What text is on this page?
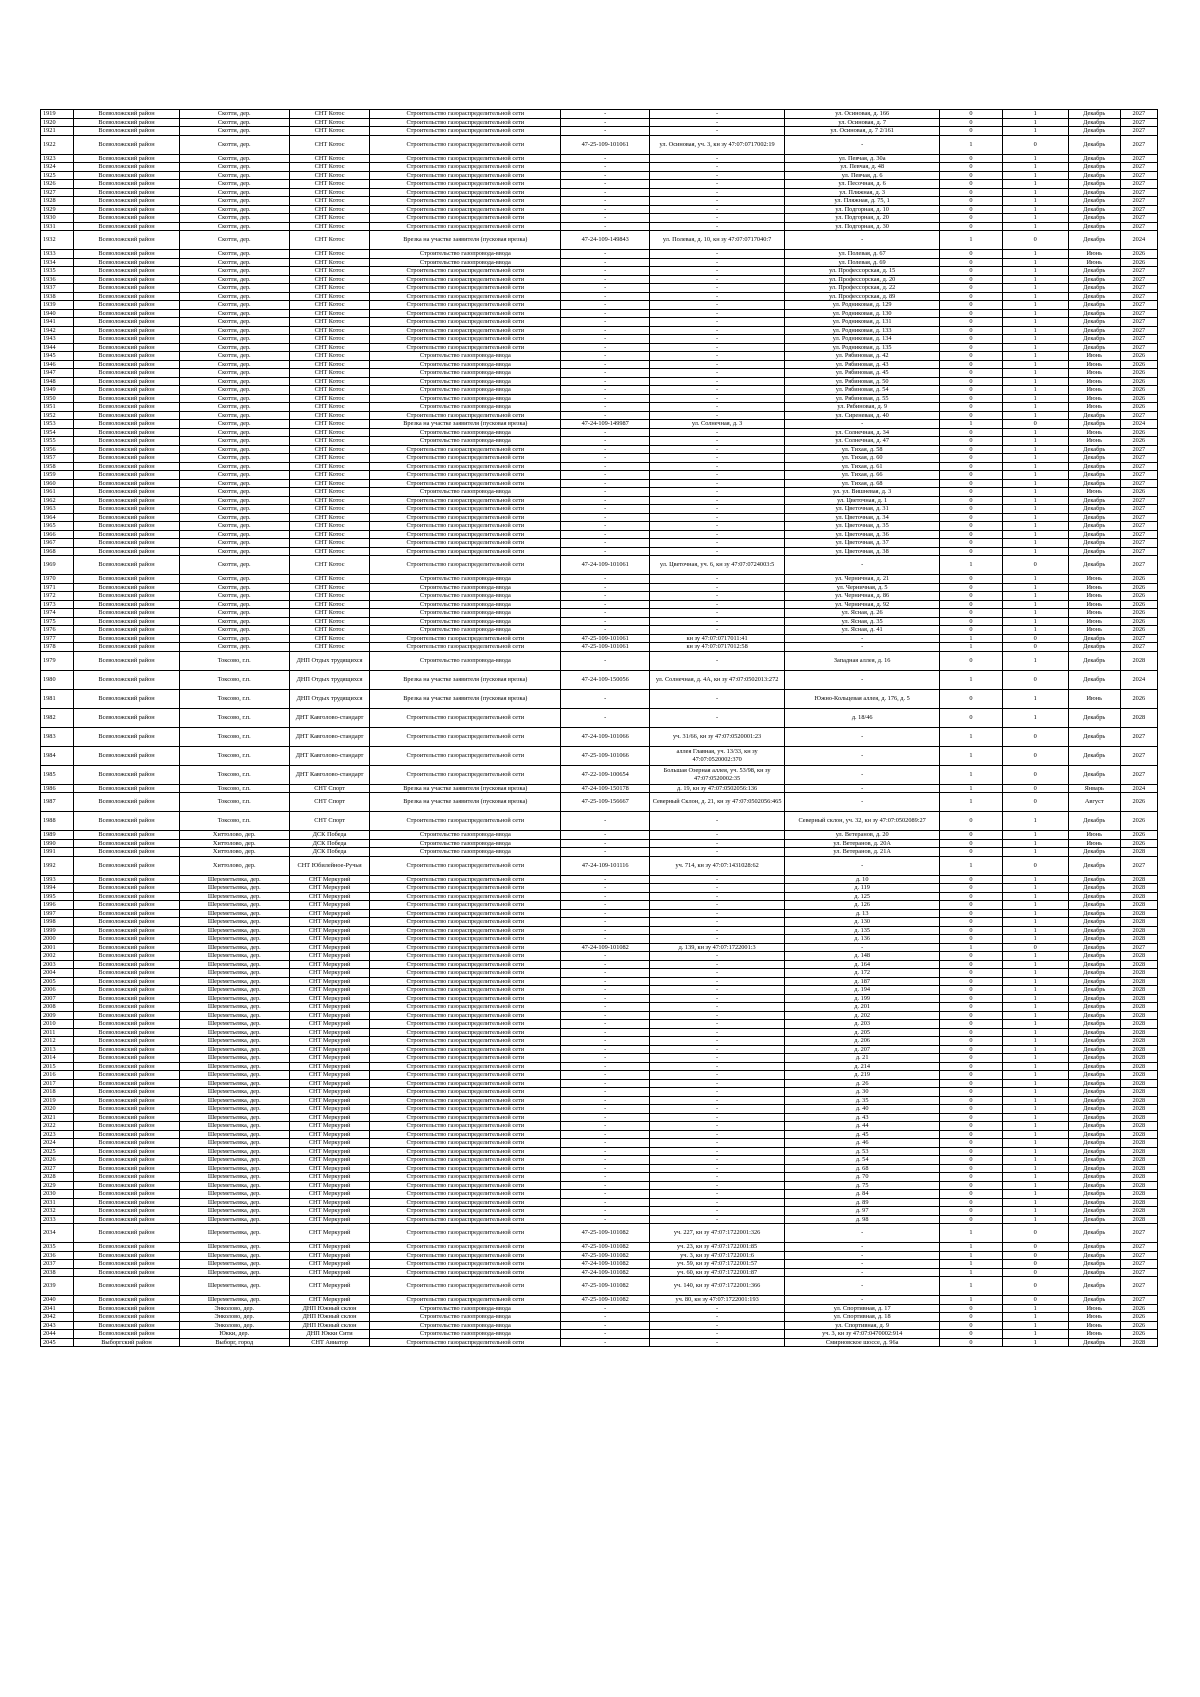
1919	Всеволожский район	Скотти, дер.	СНТ Котос	Строительство газораспределительной сети	-	-	ул. Осиновая, д. 166	0	1	Декабрь	2027
1920	Всеволожский район	Скотти, дер.	СНТ Котос	Строительство газораспределительной сети	-	-	ул. Осиновая, д. 7	0	1	Декабрь	2027
1921	Всеволожский район	Скотти, дер.	СНТ Котос	Строительство газораспределительной сети	-	-	ул. Осиновая, д. 7 2/161	0	1	Декабрь	2027
1922	Всеволожский район	Скотти, дер.	СНТ Котос	Строительство газораспределительной сети	47-25-109-101061	ул. Осиновая, уч. 3, кн зу 47:07:0717002:19	-	1	0	Декабрь	2027
1923	Всеволожский район	Скотти, дер.	СНТ Котос	Строительство газораспределительной сети	-	-	ул. Певчая, д. 30а	0	1	Декабрь	2027
1924	Всеволожский район	Скотти, дер.	СНТ Котос	Строительство газораспределительной сети	-	-	ул. Певчая, д. 48	0	1	Декабрь	2027
1925	Всеволожский район	Скотти, дер.	СНТ Котос	Строительство газораспределительной сети	-	-	ул. Певчая, д. 6	0	1	Декабрь	2027
1926	Всеволожский район	Скотти, дер.	СНТ Котос	Строительство газораспределительной сети	-	-	ул. Песочная, д. 6	0	1	Декабрь	2027
1927	Всеволожский район	Скотти, дер.	СНТ Котос	Строительство газораспределительной сети	-	-	ул. Пляжная, д. 3	0	1	Декабрь	2027
1928	Всеволожский район	Скотти, дер.	СНТ Котос	Строительство газораспределительной сети	-	-	ул. Пляжная, д. 75, 1	0	1	Декабрь	2027
1929	Всеволожский район	Скотти, дер.	СНТ Котос	Строительство газораспределительной сети	-	-	ул. Подгорная, д. 10	0	1	Декабрь	2027
1930	Всеволожский район	Скотти, дер.	СНТ Котос	Строительство газораспределительной сети	-	-	ул. Подгорная, д. 20	0	1	Декабрь	2027
1931	Всеволожский район	Скотти, дер.	СНТ Котос	Строительство газораспределительной сети	-	-	ул. Подгорная, д. 30	0	1	Декабрь	2027
1932	Всеволожский район	Скотти, дер.	СНТ Котос	Врезка на участке заявителя (пусковая врезка)	47-24-109-149843	ул. Полевая, д. 10, кн зу 47:07:0717040:7	-	1	0	Декабрь	2024
1933	Всеволожский район	Скотти, дер.	СНТ Котос	Строительство газопровода-ввода	-	-	ул. Полевая, д. 67	0	1	Июнь	2026
1934	Всеволожский район	Скотти, дер.	СНТ Котос	Строительство газопровода-ввода	-	-	ул. Полевая, д. 69	0	1	Июнь	2026
1935	Всеволожский район	Скотти, дер.	СНТ Котос	Строительство газораспределительной сети	-	-	ул. Профессорская, д. 15	0	1	Декабрь	2027
1936	Всеволожский район	Скотти, дер.	СНТ Котос	Строительство газораспределительной сети	-	-	ул. Профессорская, д. 20	0	1	Декабрь	2027
1937	Всеволожский район	Скотти, дер.	СНТ Котос	Строительство газораспределительной сети	-	-	ул. Профессорская, д. 22	0	1	Декабрь	2027
1938	Всеволожский район	Скотти, дер.	СНТ Котос	Строительство газораспределительной сети	-	-	ул. Профессорская, д. 89	0	1	Декабрь	2027
1939	Всеволожский район	Скотти, дер.	СНТ Котос	Строительство газораспределительной сети	-	-	ул. Родниковая, д. 129	0	1	Декабрь	2027
1940	Всеволожский район	Скотти, дер.	СНТ Котос	Строительство газораспределительной сети	-	-	ул. Родниковая, д. 130	0	1	Декабрь	2027
1941	Всеволожский район	Скотти, дер.	СНТ Котос	Строительство газораспределительной сети	-	-	ул. Родниковая, д. 131	0	1	Декабрь	2027
1942	Всеволожский район	Скотти, дер.	СНТ Котос	Строительство газораспределительной сети	-	-	ул. Родниковая, д. 133	0	1	Декабрь	2027
1943	Всеволожский район	Скотти, дер.	СНТ Котос	Строительство газораспределительной сети	-	-	ул. Родниковая, д. 134	0	1	Декабрь	2027
1944	Всеволожский район	Скотти, дер.	СНТ Котос	Строительство газораспределительной сети	-	-	ул. Родниковая, д. 135	0	1	Декабрь	2027
1945	Всеволожский район	Скотти, дер.	СНТ Котос	Строительство газопровода-ввода	-	-	ул. Рябиновая, д. 42	0	1	Июнь	2026
1946	Всеволожский район	Скотти, дер.	СНТ Котос	Строительство газопровода-ввода	-	-	ул. Рябиновая, д. 43	0	1	Июнь	2026
1947	Всеволожский район	Скотти, дер.	СНТ Котос	Строительство газопровода-ввода	-	-	ул. Рябиновая, д. 45	0	1	Июнь	2026
1948	Всеволожский район	Скотти, дер.	СНТ Котос	Строительство газопровода-ввода	-	-	ул. Рябиновая, д. 50	0	1	Июнь	2026
1949	Всеволожский район	Скотти, дер.	СНТ Котос	Строительство газопровода-ввода	-	-	ул. Рябиновая, д. 54	0	1	Июнь	2026
1950	Всеволожский район	Скотти, дер.	СНТ Котос	Строительство газопровода-ввода	-	-	ул. Рябиновая, д. 55	0	1	Июнь	2026
1951	Всеволожский район	Скотти, дер.	СНТ Котос	Строительство газопровода-ввода	-	-	ул. Рябиновая, д. 9	0	1	Июнь	2026
1952	Всеволожский район	Скотти, дер.	СНТ Котос	Строительство газораспределительной сети	-	-	ул. Сиреневая, д. 40	0	1	Декабрь	2027
1953	Всеволожский район	Скотти, дер.	СНТ Котос	Врезка на участке заявителя (пусковая врезка)	47-24-109-149987	ул. Солнечная, д. 3	-	1	0	Декабрь	2024
1954	Всеволожский район	Скотти, дер.	СНТ Котос	Строительство газопровода-ввода	-	-	ул. Солнечная, д. 34	0	1	Июнь	2026
1955	Всеволожский район	Скотти, дер.	СНТ Котос	Строительство газопровода-ввода	-	-	ул. Солнечная, д. 47	0	1	Июнь	2026
1956	Всеволожский район	Скотти, дер.	СНТ Котос	Строительство газораспределительной сети	-	-	ул. Тихая, д. 58	0	1	Декабрь	2027
1957	Всеволожский район	Скотти, дер.	СНТ Котос	Строительство газораспределительной сети	-	-	ул. Тихая, д. 60	0	1	Декабрь	2027
1958	Всеволожский район	Скотти, дер.	СНТ Котос	Строительство газораспределительной сети	-	-	ул. Тихая, д. 61	0	1	Декабрь	2027
1959	Всеволожский район	Скотти, дер.	СНТ Котос	Строительство газораспределительной сети	-	-	ул. Тихая, д. 66	0	1	Декабрь	2027
1960	Всеволожский район	Скотти, дер.	СНТ Котос	Строительство газораспределительной сети	-	-	ул. Тихая, д. 68	0	1	Декабрь	2027
1961	Всеволожский район	Скотти, дер.	СНТ Котос	Строительство газопровода-ввода	-	-	ул. ул. Вишневая, д. 3	0	1	Июнь	2026
1962	Всеволожский район	Скотти, дер.	СНТ Котос	Строительство газораспределительной сети	-	-	ул. Цветочная, д. 1	0	1	Декабрь	2027
1963	Всеволожский район	Скотти, дер.	СНТ Котос	Строительство газораспределительной сети	-	-	ул. Цветочная, д. 31	0	1	Декабрь	2027
1964	Всеволожский район	Скотти, дер.	СНТ Котос	Строительство газораспределительной сети	-	-	ул. Цветочная, д. 34	0	1	Декабрь	2027
1965	Всеволожский район	Скотти, дер.	СНТ Котос	Строительство газораспределительной сети	-	-	ул. Цветочная, д. 35	0	1	Декабрь	2027
1966	Всеволожский район	Скотти, дер.	СНТ Котос	Строительство газораспределительной сети	-	-	ул. Цветочная, д. 36	0	1	Декабрь	2027
1967	Всеволожский район	Скотти, дер.	СНТ Котос	Строительство газораспределительной сети	-	-	ул. Цветочная, д. 37	0	1	Декабрь	2027
1968	Всеволожский район	Скотти, дер.	СНТ Котос	Строительство газораспределительной сети	-	-	ул. Цветочная, д. 38	0	1	Декабрь	2027
1969	Всеволожский район	Скотти, дер.	СНТ Котос	Строительство газораспределительной сети	47-24-109-101061	ул. Цветочная, уч. 6, кн зу 47:07:0724003:5	-	1	0	Декабрь	2027
1970	Всеволожский район	Скотти, дер.	СНТ Котос	Строительство газопровода-ввода	-	-	ул. Черничная, д. 21	0	1	Июнь	2026
1971	Всеволожский район	Скотти, дер.	СНТ Котос	Строительство газопровода-ввода	-	-	ул. Черничная, д. 5	0	1	Июнь	2026
1972	Всеволожский район	Скотти, дер.	СНТ Котос	Строительство газопровода-ввода	-	-	ул. Черничная, д. 86	0	1	Июнь	2026
1973	Всеволожский район	Скотти, дер.	СНТ Котос	Строительство газопровода-ввода	-	-	ул. Черничная, д. 92	0	1	Июнь	2026
1974	Всеволожский район	Скотти, дер.	СНТ Котос	Строительство газопровода-ввода	-	-	ул. Ясная, д. 26	0	1	Июнь	2026
1975	Всеволожский район	Скотти, дер.	СНТ Котос	Строительство газопровода-ввода	-	-	ул. Ясная, д. 35	0	1	Июнь	2026
1976	Всеволожский район	Скотти, дер.	СНТ Котос	Строительство газопровода-ввода	-	-	ул. Ясная, д. 41	0	1	Июнь	2026
1977	Всеволожский район	Скотти, дер.	СНТ Котос	Строительство газораспределительной сети	47-25-109-101061	кн зу 47:07:0717011:41	-	1	0	Декабрь	2027
1978	Всеволожский район	Скотти, дер.	СНТ Котос	Строительство газораспределительной сети	47-25-109-101061	кн зу 47:07:0717012:58	-	1	0	Декабрь	2027
1979	Всеволожский район	Токсово, г.п.	ДНП Отдых трудящихся	Строительство газопровода-ввода	-	-	Западная аллея, д. 16	0	1	Декабрь	2028
1980	Всеволожский район	Токсово, г.п.	ДНП Отдых трудящихся	Врезка на участке заявителя (пусковая врезка)	47-24-109-150056	ул. Солнечная, д. 4А, кн зу 47:07:0502013:272	-	1	0	Декабрь	2024
1981	Всеволожский район	Токсово, г.п.	ДНП Отдых трудящихся	Врезка на участке заявителя (пусковая врезка)	-	-	Южно-Кольцевая аллея, д. 176, д. 5	0	1	Июнь	2026
1982	Всеволожский район	Токсово, г.п.	ДНТ Кавголово-стандарт	Строительство газораспределительной сети	-	-	д. 18/46	0	1	Декабрь	2028
1983	Всеволожский район	Токсово, г.п.	ДНТ Кавголово-стандарт	Строительство газораспределительной сети	47-24-109-101066	уч. 31/66, кн зу 47:07:0520001:23	-	1	0	Декабрь	2027
1984	Всеволожский район	Токсово, г.п.	ДНТ Кавголово-стандарт	Строительство газораспределительной сети	47-25-109-101066	аллея Главная, уч. 13/33, кн зу 47:07:0520002:370	-	1	0	Декабрь	2027
1985	Всеволожский район	Токсово, г.п.	ДНТ Кавголово-стандарт	Строительство газораспределительной сети	47-22-109-100654	Большая Озерная аллея, уч. 53/98, кн зу 47:07:0520002:35	-	1	0	Декабрь	2027
1986	Всеволожский район	Токсово, г.п.	СНТ Спорт	Врезка на участке заявителя (пусковая врезка)	47-24-109-150178	д. 19, кн зу 47:07:0502056:136	-	1	0	Январь	2024
1987	Всеволожский район	Токсово, г.п.	СНТ Спорт	Врезка на участке заявителя (пусковая врезка)	47-25-109-156667	Северный Склон, д. 21, кн зу 47:07:0502056:465	-	1	0	Август	2026
1988	Всеволожский район	Токсово, г.п.	СНТ Спорт	Строительство газораспределительной сети	-	-	Северный склон, уч. 32, кн зу 47:07:0502089:27	0	1	Декабрь	2026
1989	Всеволожский район	Хиттолово, дер.	ДСК Победа	Строительство газопровода-ввода	-	-	ул. Ветеранов, д. 20	0	1	Июнь	2026
1990	Всеволожский район	Хиттолово, дер.	ДСК Победа	Строительство газопровода-ввода	-	-	ул. Ветеранов, д. 20А	0	1	Июнь	2026
1991	Всеволожский район	Хиттолово, дер.	ДСК Победа	Строительство газопровода-ввода	-	-	ул. Ветеранов, д. 21А	0	1	Декабрь	2028
1992	Всеволожский район	Хиттолово, дер.	СНТ Юбилейное-Ручьи	Строительство газораспределительной сети	47-24-109-101116	уч. 714, кн зу 47:07:1431028:62	-	1	0	Декабрь	2027
1993	Всеволожский район	Шереметьевка, дер.	СНТ Меркурий	Строительство газораспределительной сети	-	-	д. 10	0	1	Декабрь	2028
1994	Всеволожский район	Шереметьевка, дер.	СНТ Меркурий	Строительство газораспределительной сети	-	-	д. 119	0	1	Декабрь	2028
1995	Всеволожский район	Шереметьевка, дер.	СНТ Меркурий	Строительство газораспределительной сети	-	-	д. 125	0	1	Декабрь	2028
1996	Всеволожский район	Шереметьевка, дер.	СНТ Меркурий	Строительство газораспределительной сети	-	-	д. 126	0	1	Декабрь	2028
1997	Всеволожский район	Шереметьевка, дер.	СНТ Меркурий	Строительство газораспределительной сети	-	-	д. 13	0	1	Декабрь	2028
1998	Всеволожский район	Шереметьевка, дер.	СНТ Меркурий	Строительство газораспределительной сети	-	-	д. 130	0	1	Декабрь	2028
1999	Всеволожский район	Шереметьевка, дер.	СНТ Меркурий	Строительство газораспределительной сети	-	-	д. 135	0	1	Декабрь	2028
2000	Всеволожский район	Шереметьевка, дер.	СНТ Меркурий	Строительство газораспределительной сети	-	-	д. 136	0	1	Декабрь	2028
2001	Всеволожский район	Шереметьевка, дер.	СНТ Меркурий	Строительство газораспределительной сети	47-24-109-101082	д. 139, кн зу 47:07:1722001:3	-	1	0	Декабрь	2027
2002	Всеволожский район	Шереметьевка, дер.	СНТ Меркурий	Строительство газораспределительной сети	-	-	д. 148	0	1	Декабрь	2028
2003	Всеволожский район	Шереметьевка, дер.	СНТ Меркурий	Строительство газораспределительной сети	-	-	д. 164	0	1	Декабрь	2028
2004	Всеволожский район	Шереметьевка, дер.	СНТ Меркурий	Строительство газораспределительной сети	-	-	д. 172	0	1	Декабрь	2028
2005	Всеволожский район	Шереметьевка, дер.	СНТ Меркурий	Строительство газораспределительной сети	-	-	д. 187	0	1	Декабрь	2028
2006	Всеволожский район	Шереметьевка, дер.	СНТ Меркурий	Строительство газораспределительной сети	-	-	д. 194	0	1	Декабрь	2028
2007	Всеволожский район	Шереметьевка, дер.	СНТ Меркурий	Строительство газораспределительной сети	-	-	д. 199	0	1	Декабрь	2028
2008	Всеволожский район	Шереметьевка, дер.	СНТ Меркурий	Строительство газораспределительной сети	-	-	д. 201	0	1	Декабрь	2028
2009	Всеволожский район	Шереметьевка, дер.	СНТ Меркурий	Строительство газораспределительной сети	-	-	д. 202	0	1	Декабрь	2028
2010	Всеволожский район	Шереметьевка, дер.	СНТ Меркурий	Строительство газораспределительной сети	-	-	д. 203	0	1	Декабрь	2028
2011	Всеволожский район	Шереметьевка, дер.	СНТ Меркурий	Строительство газораспределительной сети	-	-	д. 205	0	1	Декабрь	2028
2012	Всеволожский район	Шереметьевка, дер.	СНТ Меркурий	Строительство газораспределительной сети	-	-	д. 206	0	1	Декабрь	2028
2013	Всеволожский район	Шереметьевка, дер.	СНТ Меркурий	Строительство газораспределительной сети	-	-	д. 207	0	1	Декабрь	2028
2014	Всеволожский район	Шереметьевка, дер.	СНТ Меркурий	Строительство газораспределительной сети	-	-	д. 21	0	1	Декабрь	2028
2015	Всеволожский район	Шереметьевка, дер.	СНТ Меркурий	Строительство газораспределительной сети	-	-	д. 214	0	1	Декабрь	2028
2016	Всеволожский район	Шереметьевка, дер.	СНТ Меркурий	Строительство газораспределительной сети	-	-	д. 219	0	1	Декабрь	2028
2017	Всеволожский район	Шереметьевка, дер.	СНТ Меркурий	Строительство газораспределительной сети	-	-	д. 26	0	1	Декабрь	2028
2018	Всеволожский район	Шереметьевка, дер.	СНТ Меркурий	Строительство газораспределительной сети	-	-	д. 30	0	1	Декабрь	2028
2019	Всеволожский район	Шереметьевка, дер.	СНТ Меркурий	Строительство газораспределительной сети	-	-	д. 35	0	1	Декабрь	2028
2020	Всеволожский район	Шереметьевка, дер.	СНТ Меркурий	Строительство газораспределительной сети	-	-	д. 40	0	1	Декабрь	2028
2021	Всеволожский район	Шереметьевка, дер.	СНТ Меркурий	Строительство газораспределительной сети	-	-	д. 43	0	1	Декабрь	2028
2022	Всеволожский район	Шереметьевка, дер.	СНТ Меркурий	Строительство газораспределительной сети	-	-	д. 44	0	1	Декабрь	2028
2023	Всеволожский район	Шереметьевка, дер.	СНТ Меркурий	Строительство газораспределительной сети	-	-	д. 45	0	1	Декабрь	2028
2024	Всеволожский район	Шереметьевка, дер.	СНТ Меркурий	Строительство газораспределительной сети	-	-	д. 46	0	1	Декабрь	2028
2025	Всеволожский район	Шереметьевка, дер.	СНТ Меркурий	Строительство газораспределительной сети	-	-	д. 53	0	1	Декабрь	2028
2026	Всеволожский район	Шереметьевка, дер.	СНТ Меркурий	Строительство газораспределительной сети	-	-	д. 54	0	1	Декабрь	2028
2027	Всеволожский район	Шереметьевка, дер.	СНТ Меркурий	Строительство газораспределительной сети	-	-	д. 68	0	1	Декабрь	2028
2028	Всеволожский район	Шереметьевка, дер.	СНТ Меркурий	Строительство газораспределительной сети	-	-	д. 70	0	1	Декабрь	2028
2029	Всеволожский район	Шереметьевка, дер.	СНТ Меркурий	Строительство газораспределительной сети	-	-	д. 75	0	1	Декабрь	2028
2030	Всеволожский район	Шереметьевка, дер.	СНТ Меркурий	Строительство газораспределительной сети	-	-	д. 84	0	1	Декабрь	2028
2031	Всеволожский район	Шереметьевка, дер.	СНТ Меркурий	Строительство газораспределительной сети	-	-	д. 89	0	1	Декабрь	2028
2032	Всеволожский район	Шереметьевка, дер.	СНТ Меркурий	Строительство газораспределительной сети	-	-	д. 97	0	1	Декабрь	2028
2033	Всеволожский район	Шереметьевка, дер.	СНТ Меркурий	Строительство газораспределительной сети	-	-	д. 98	0	1	Декабрь	2028
2034	Всеволожский район	Шереметьевка, дер.	СНТ Меркурий	Строительство газораспределительной сети	47-25-109-101082	уч. 227, кн зу 47:07:1722001:326	-	1	0	Декабрь	2027
2035	Всеволожский район	Шереметьевка, дер.	СНТ Меркурий	Строительство газораспределительной сети	47-25-109-101082	уч. 23, кн зу 47:07:1722001:85	-	1	0	Декабрь	2027
2036	Всеволожский район	Шереметьевка, дер.	СНТ Меркурий	Строительство газораспределительной сети	47-25-109-101082	уч. 3, кн зу 47:07:1722001:6	-	1	0	Декабрь	2027
2037	Всеволожский район	Шереметьевка, дер.	СНТ Меркурий	Строительство газораспределительной сети	47-24-109-101082	уч. 59, кн зу 47:07:1722001:57	-	1	0	Декабрь	2027
2038	Всеволожский район	Шереметьевка, дер.	СНТ Меркурий	Строительство газораспределительной сети	47-24-109-101082	уч. 60, кн зу 47:07:1722001:87	-	1	0	Декабрь	2027
2039	Всеволожский район	Шереметьевка, дер.	СНТ Меркурий	Строительство газораспределительной сети	47-25-109-101082	уч. 140, кн зу 47:07:1722001:366	-	1	0	Декабрь	2027
2040	Всеволожский район	Шереметьевка, дер.	СНТ Меркурий	Строительство газораспределительной сети	47-25-109-101082	уч. 80, кн зу 47:07:1722001:193	-	1	0	Декабрь	2027
2041	Всеволожский район	Энколово, дер.	ДНП Южный склон	Строительство газопровода-ввода	-	-	ул. Спортивная, д. 17	0	1	Июнь	2026
2042	Всеволожский район	Энколово, дер.	ДНП Южный склон	Строительство газопровода-ввода	-	-	ул. Спортивная, д. 18	0	1	Июнь	2026
2043	Всеволожский район	Энколово, дер.	ДНП Южный склон	Строительство газопровода-ввода	-	-	ул. Спортивная, д. 9	0	1	Июнь	2026
2044	Всеволожский район	Юкки, дер.	ДНП Юкки Сити	Строительство газопровода-ввода	-	-	уч. 3, кн зу 47:07:0470002:914	0	1	Июнь	2026
2045	Выборгский район	Выборг, город	СНТ Авиатор	Строительство газораспределительной сети	-	-	Смирновское шоссе, д. 96а	0	1	Декабрь	2028
